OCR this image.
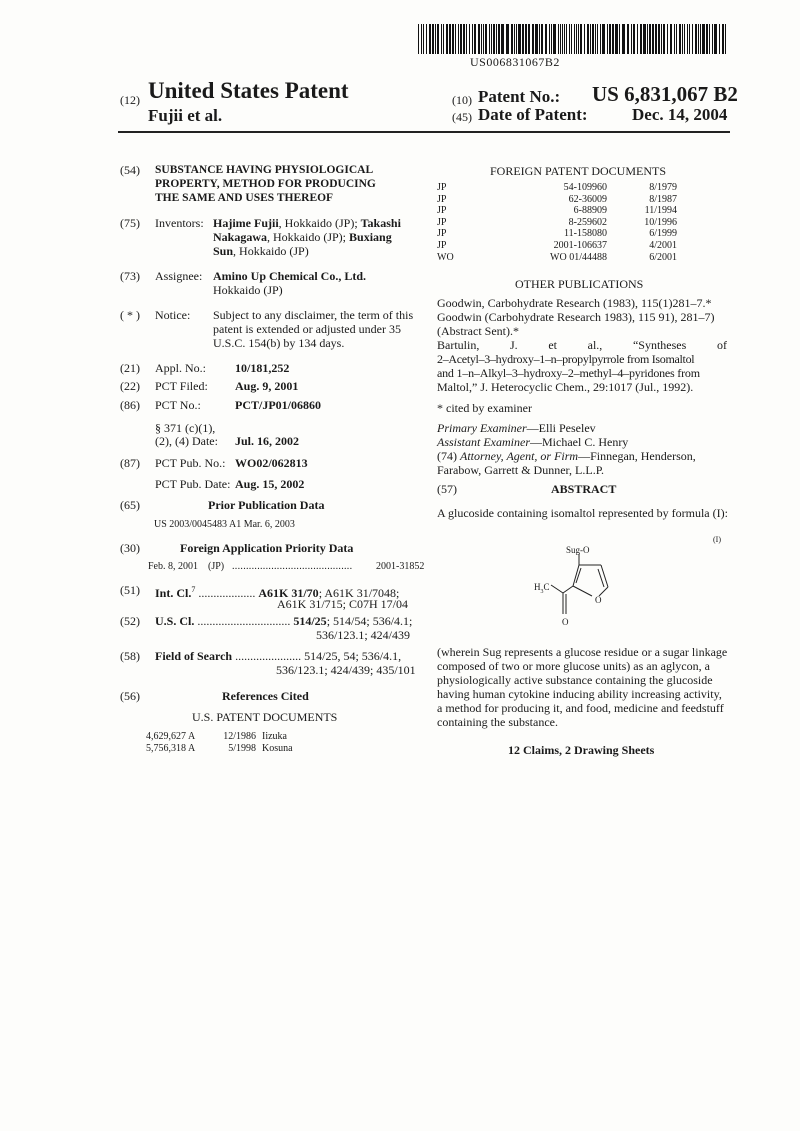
US006831067B2
(12) United States Patent
Fujii et al.
(10) Patent No.: US 6,831,067 B2
(45) Date of Patent:	Dec. 14, 2004
(54) SUBSTANCE HAVING PHYSIOLOGICAL
PROPERTY, METHOD FOR PRODUCING
THE SAME AND USES THEREOF
(75) Inventors: Hajime Fujii, Hokkaido (JP); Takashi
Nakagawa, Hokkaido (JP); Buxiang
Sun, Hokkaido (JP)
(73) Assignee: Amino Up Chemical Co., Ltd.
Hokkaido (JP)
( * ) Notice: Subject to any disclaimer, the term of this
patent is extended or adjusted under 35
U.S.C. 154(b) by 134 days.
(21) Appl. No.: 10/181,252
(22) PCT Filed: Aug. 9, 2001
(86) PCT No.:	PCT/JP01/06860
§ 371 (c)(1),
(2), (4) Date: Jul. 16, 2002
(87) PCT Pub. No.: WO02/062813
PCT Pub. Date: Aug. 15, 2002
(65)	Prior Publication Data
US 2003/0045483 A1 Mar. 6, 2003
(30)	Foreign Application Priority Data
Feb. 8, 2001 (JP) ........................................... 2001-31852
(51) Int. Cl.$^7$ ................... A61K 31/70; A61K 31/7048;
A61K 31/715; C07H 17/04
(52) U.S. Cl. ............................... 514/25; 514/54; 536/4.1;
536/123.1; 424/439
(58) Field of Search ...................... 514/25, 54; 536/4.1,
536/123.1; 424/439; 435/101
(56)	References Cited
U.S. PATENT DOCUMENTS
4,629,627 A	12/1986	Iizuka
5,756,318 A	5/1998	Kosuna
FOREIGN PATENT DOCUMENTS
JP	54-109960	8/1979
JP	62-36009	8/1987
JP	6-88909	11/1994
JP	8-259602	10/1996
JP	11-158080	6/1999
JP	2001-106637	4/2001
WO	WO 01/44488	6/2001
OTHER PUBLICATIONS
Goodwin, Carbohydrate Research (1983), 115(1)281–7.*
Goodwin (Carbohydrate Research 1983), 115 91), 281–7)
(Abstract Sent).*
Bartulin,	J.	et	al.,	“Syntheses	of
2–Acetyl–3–hydroxy–1–n–propylpyrrole from Isomaltol
and 1–n–Alkyl–3–hydroxy–2–methyl–4–pyridones from
Maltol,” J. Heterocyclic Chem., 29:1017 (Jul., 1992).
* cited by examiner
Primary Examiner—Elli Peselev
Assistant Examiner—Michael C. Henry
(74) Attorney, Agent, or Firm—Finnegan, Henderson,
Farabow, Garrett & Dunner, L.L.P.
(57)	ABSTRACT
A glucoside containing isomaltol represented by formula (I):
(I)
Sug-O
$H_3C$
O
O
(wherein Sug represents a glucose residue or a sugar linkage
composed of two or more glucose units) as an aglycon, a
physiologically active substance containing the glucoside
having human cytokine inducing ability increasing activity,
a method for producing it, and food, medicine and feedstuff
containing the substance.
12 Claims, 2 Drawing Sheets
